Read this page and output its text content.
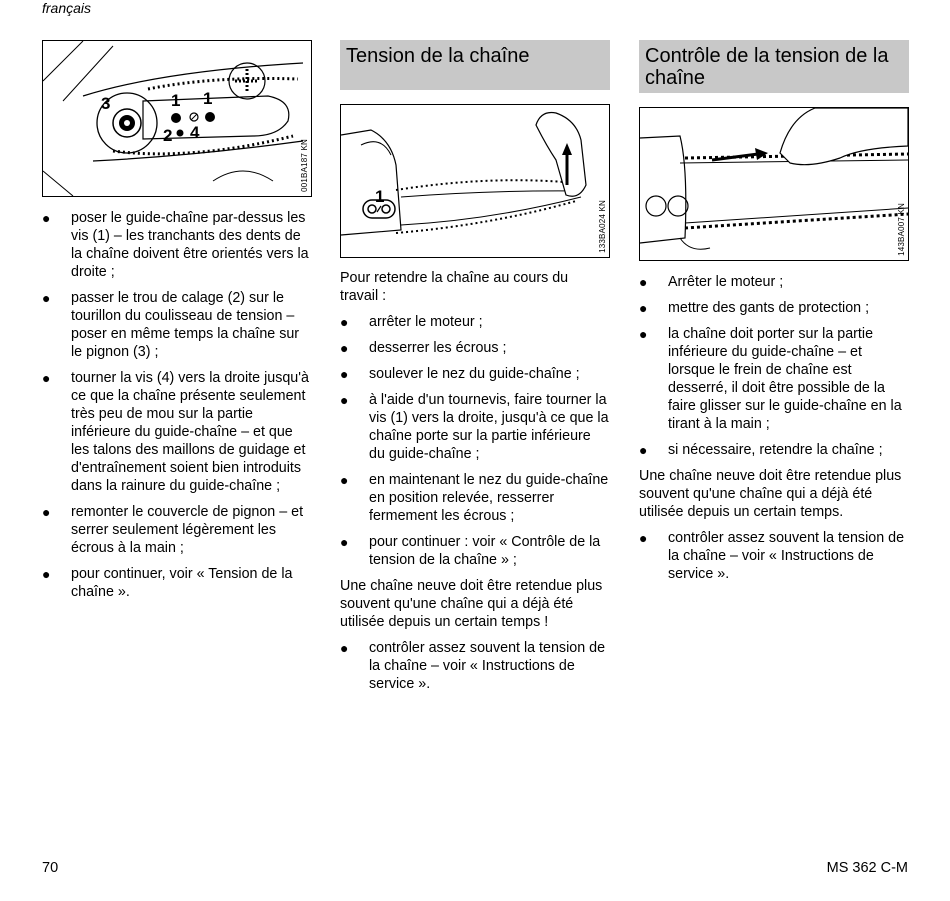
français
3	1 1
2 4
001BA187 KN
● poser le guide-chaîne par-dessus les vis (1) – les tranchants des dents de la chaîne doivent être orientés vers la droite ;
● passer le trou de calage (2) sur le tourillon du coulisseau de tension – poser en même temps la chaîne sur le pignon (3) ;
● tourner la vis (4) vers la droite jusqu'à ce que la chaîne présente seulement très peu de mou sur la partie inférieure du guide-chaîne – et que les talons des maillons de guidage et d'entraînement soient bien introduits dans la rainure du guide-chaîne ;
● remonter le couvercle de pignon – et serrer seulement légèrement les écrous à la main ;
● pour continuer, voir « Tension de la chaîne ».
Tension de la chaîne
1
133BA024 KN

Pour retendre la chaîne au cours du travail :

● arrêter le moteur ;
● desserrer les écrous ;
● soulever le nez du guide-chaîne ;
● à l'aide d'un tournevis, faire tourner la vis (1) vers la droite, jusqu'à ce que la chaîne porte sur la partie inférieure du guide-chaîne ;
● en maintenant le nez du guide-chaîne en position relevée, resserrer fermement les écrous ;
● pour continuer : voir « Contrôle de la tension de la chaîne » ;

Une chaîne neuve doit être retendue plus souvent qu'une chaîne qui a déjà été utilisée depuis un certain temps !

● contrôler assez souvent la tension de la chaîne – voir « Instructions de service ».
Contrôle de la tension de la chaîne
143BA007 KN
● Arrêter le moteur ;
● mettre des gants de protection ;
● la chaîne doit porter sur la partie inférieure du guide-chaîne – et lorsque le frein de chaîne est desserré, il doit être possible de la faire glisser sur le guide-chaîne en la tirant à la main ;
● si nécessaire, retendre la chaîne ;

Une chaîne neuve doit être retendue plus souvent qu'une chaîne qui a déjà été utilisée depuis un certain temps.

● contrôler assez souvent la tension de la chaîne – voir « Instructions de service ».
70	MS 362 C-M
